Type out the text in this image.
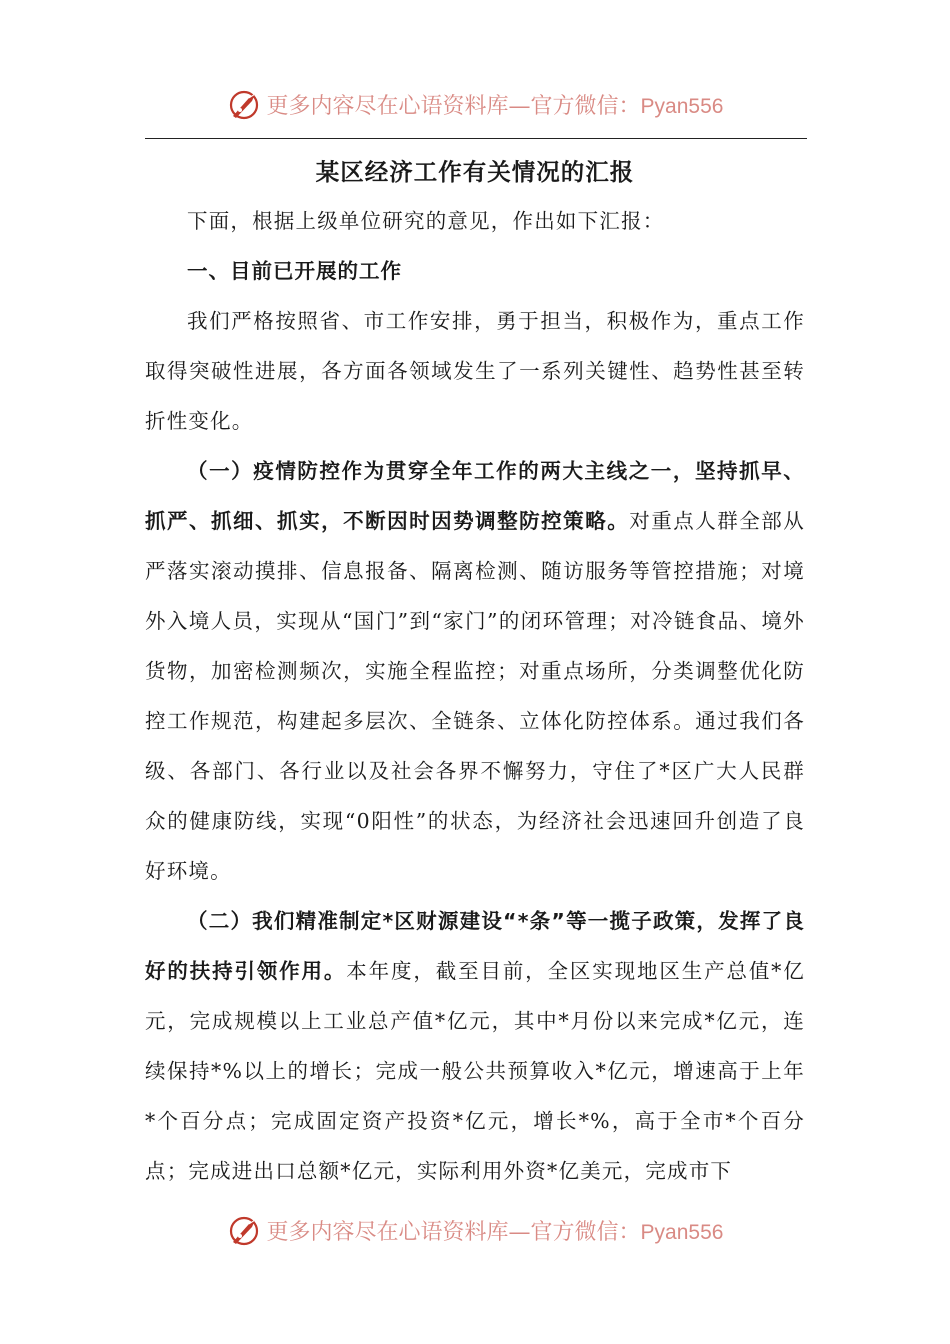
更多内容尽在心语资料库—官方微信：Pyan556
某区经济工作有关情况的汇报

下面，根据上级单位研究的意见，作出如下汇报：

一、目前已开展的工作

我们严格按照省、市工作安排，勇于担当，积极作为，重点工作取得突破性进展，各方面各领域发生了一系列关键性、趋势性甚至转折性变化。

（一）疫情防控作为贯穿全年工作的两大主线之一，坚持抓早、抓严、抓细、抓实，不断因时因势调整防控策略。对重点人群全部从严落实滚动摸排、信息报备、隔离检测、随访服务等管控措施；对境外入境人员，实现从“国门”到“家门”的闭环管理；对冷链食品、境外货物，加密检测频次，实施全程监控；对重点场所，分类调整优化防控工作规范，构建起多层次、全链条、立体化防控体系。通过我们各级、各部门、各行业以及社会各界不懈努力，守住了*区广大人民群众的健康防线，实现“0阳性”的状态，为经济社会迅速回升创造了良好环境。

（二）我们精准制定*区财源建设“*条”等一揽子政策，发挥了良好的扶持引领作用。本年度，截至目前，全区实现地区生产总值*亿元，完成规模以上工业总产值*亿元，其中*月份以来完成*亿元，连续保持*%以上的增长；完成一般公共预算收入*亿元，增速高于上年*个百分点；完成固定资产投资*亿元，增长*%，高于全市*个百分点；完成进出口总额*亿元，实际利用外资*亿美元，完成市下

更多内容尽在心语资料库—官方微信：Pyan556
